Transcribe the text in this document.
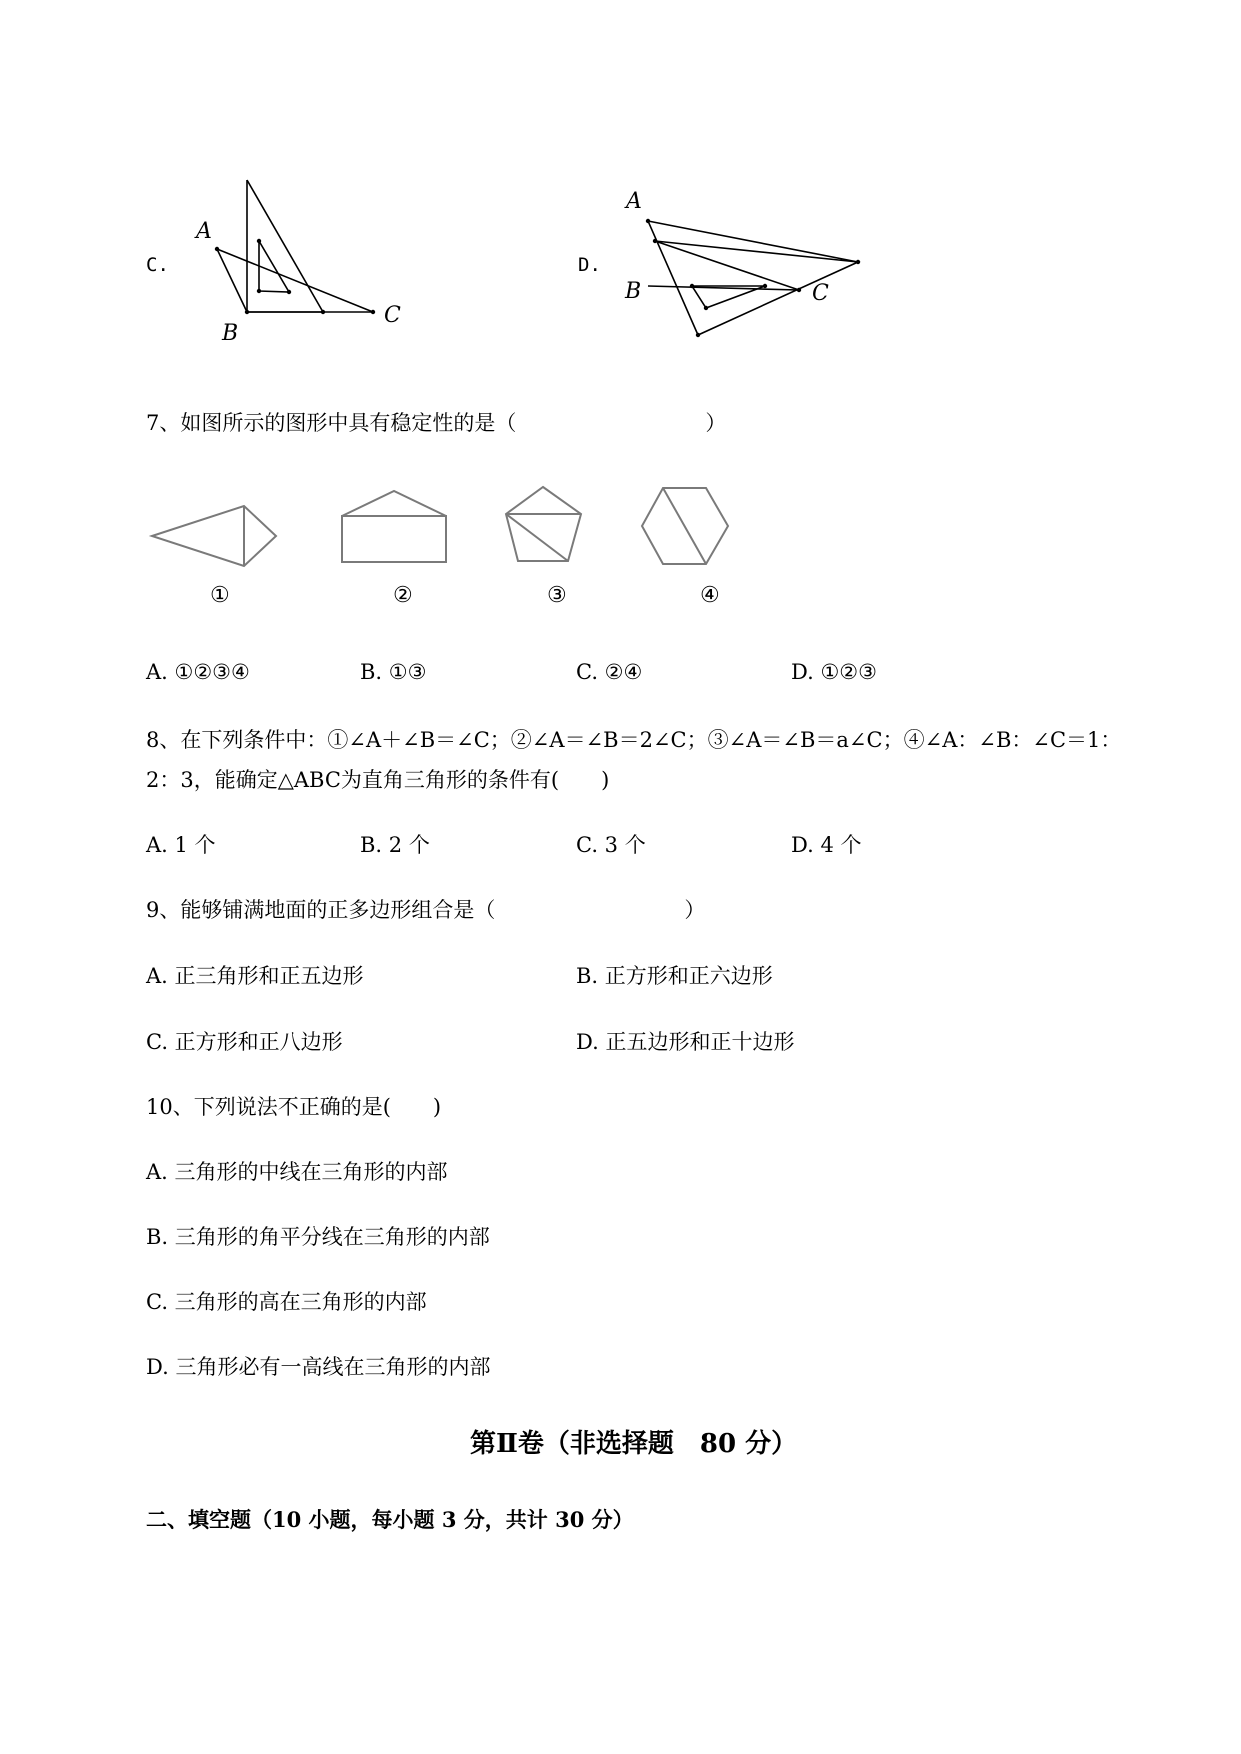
C.
A
B
C
D.
A
B	C
7、如图所示的图形中具有稳定性的是（　　　　　　　　　）
①	②	③	④
A. ①②③④	B. ①③	C. ②④	D. ①②③
8、在下列条件中：①∠A＋∠B＝∠C；②∠A＝∠B＝2∠C；③∠A＝∠B＝a∠C；④∠A：∠B：∠C＝1：
2：3，能确定△ABC为直角三角形的条件有(　　)
A. 1 个	B. 2 个	C. 3 个	D. 4 个
9、能够铺满地面的正多边形组合是（　　　　　　　　　）
A. 正三角形和正五边形	B. 正方形和正六边形
C. 正方形和正八边形	D. 正五边形和正十边形
10、下列说法不正确的是(　　)
A. 三角形的中线在三角形的内部
B. 三角形的角平分线在三角形的内部
C. 三角形的高在三角形的内部
D. 三角形必有一高线在三角形的内部
第Ⅱ卷（非选择题　80 分）
二、填空题（10 小题，每小题 3 分，共计 30 分）
